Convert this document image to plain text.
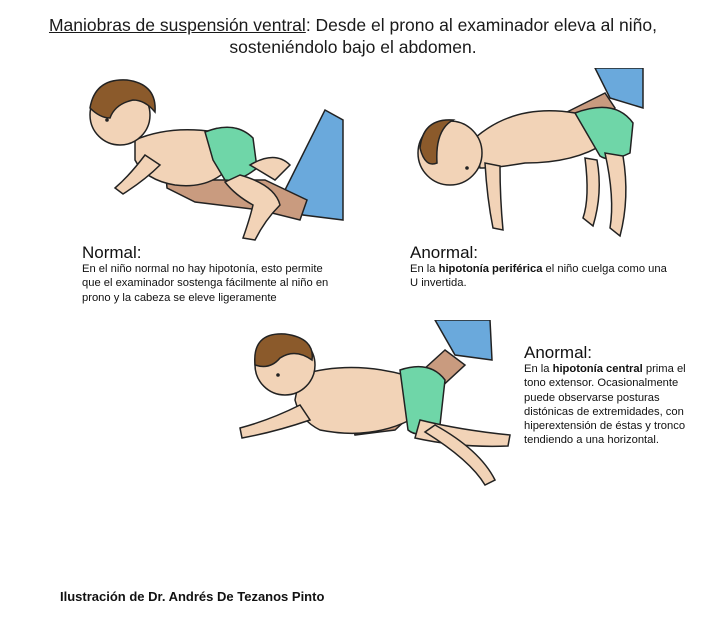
Maniobras de suspensión ventral: Desde el prono al examinador eleva al niño,
sosteniéndolo bajo el abdomen.
Normal:
En el niño normal no hay hipotonía, esto permite que el examinador sostenga fácilmente al niño en prono y la cabeza se eleve ligeramente
Anormal:
En la hipotonía periférica el niño cuelga como una U invertida.
Anormal:
En la hipotonía central prima el tono extensor. Ocasionalmente puede observarse posturas distónicas de extremidades, con hiperextensión de éstas y tronco tendiendo a una horizontal.
Ilustración de Dr. Andrés De Tezanos Pinto
